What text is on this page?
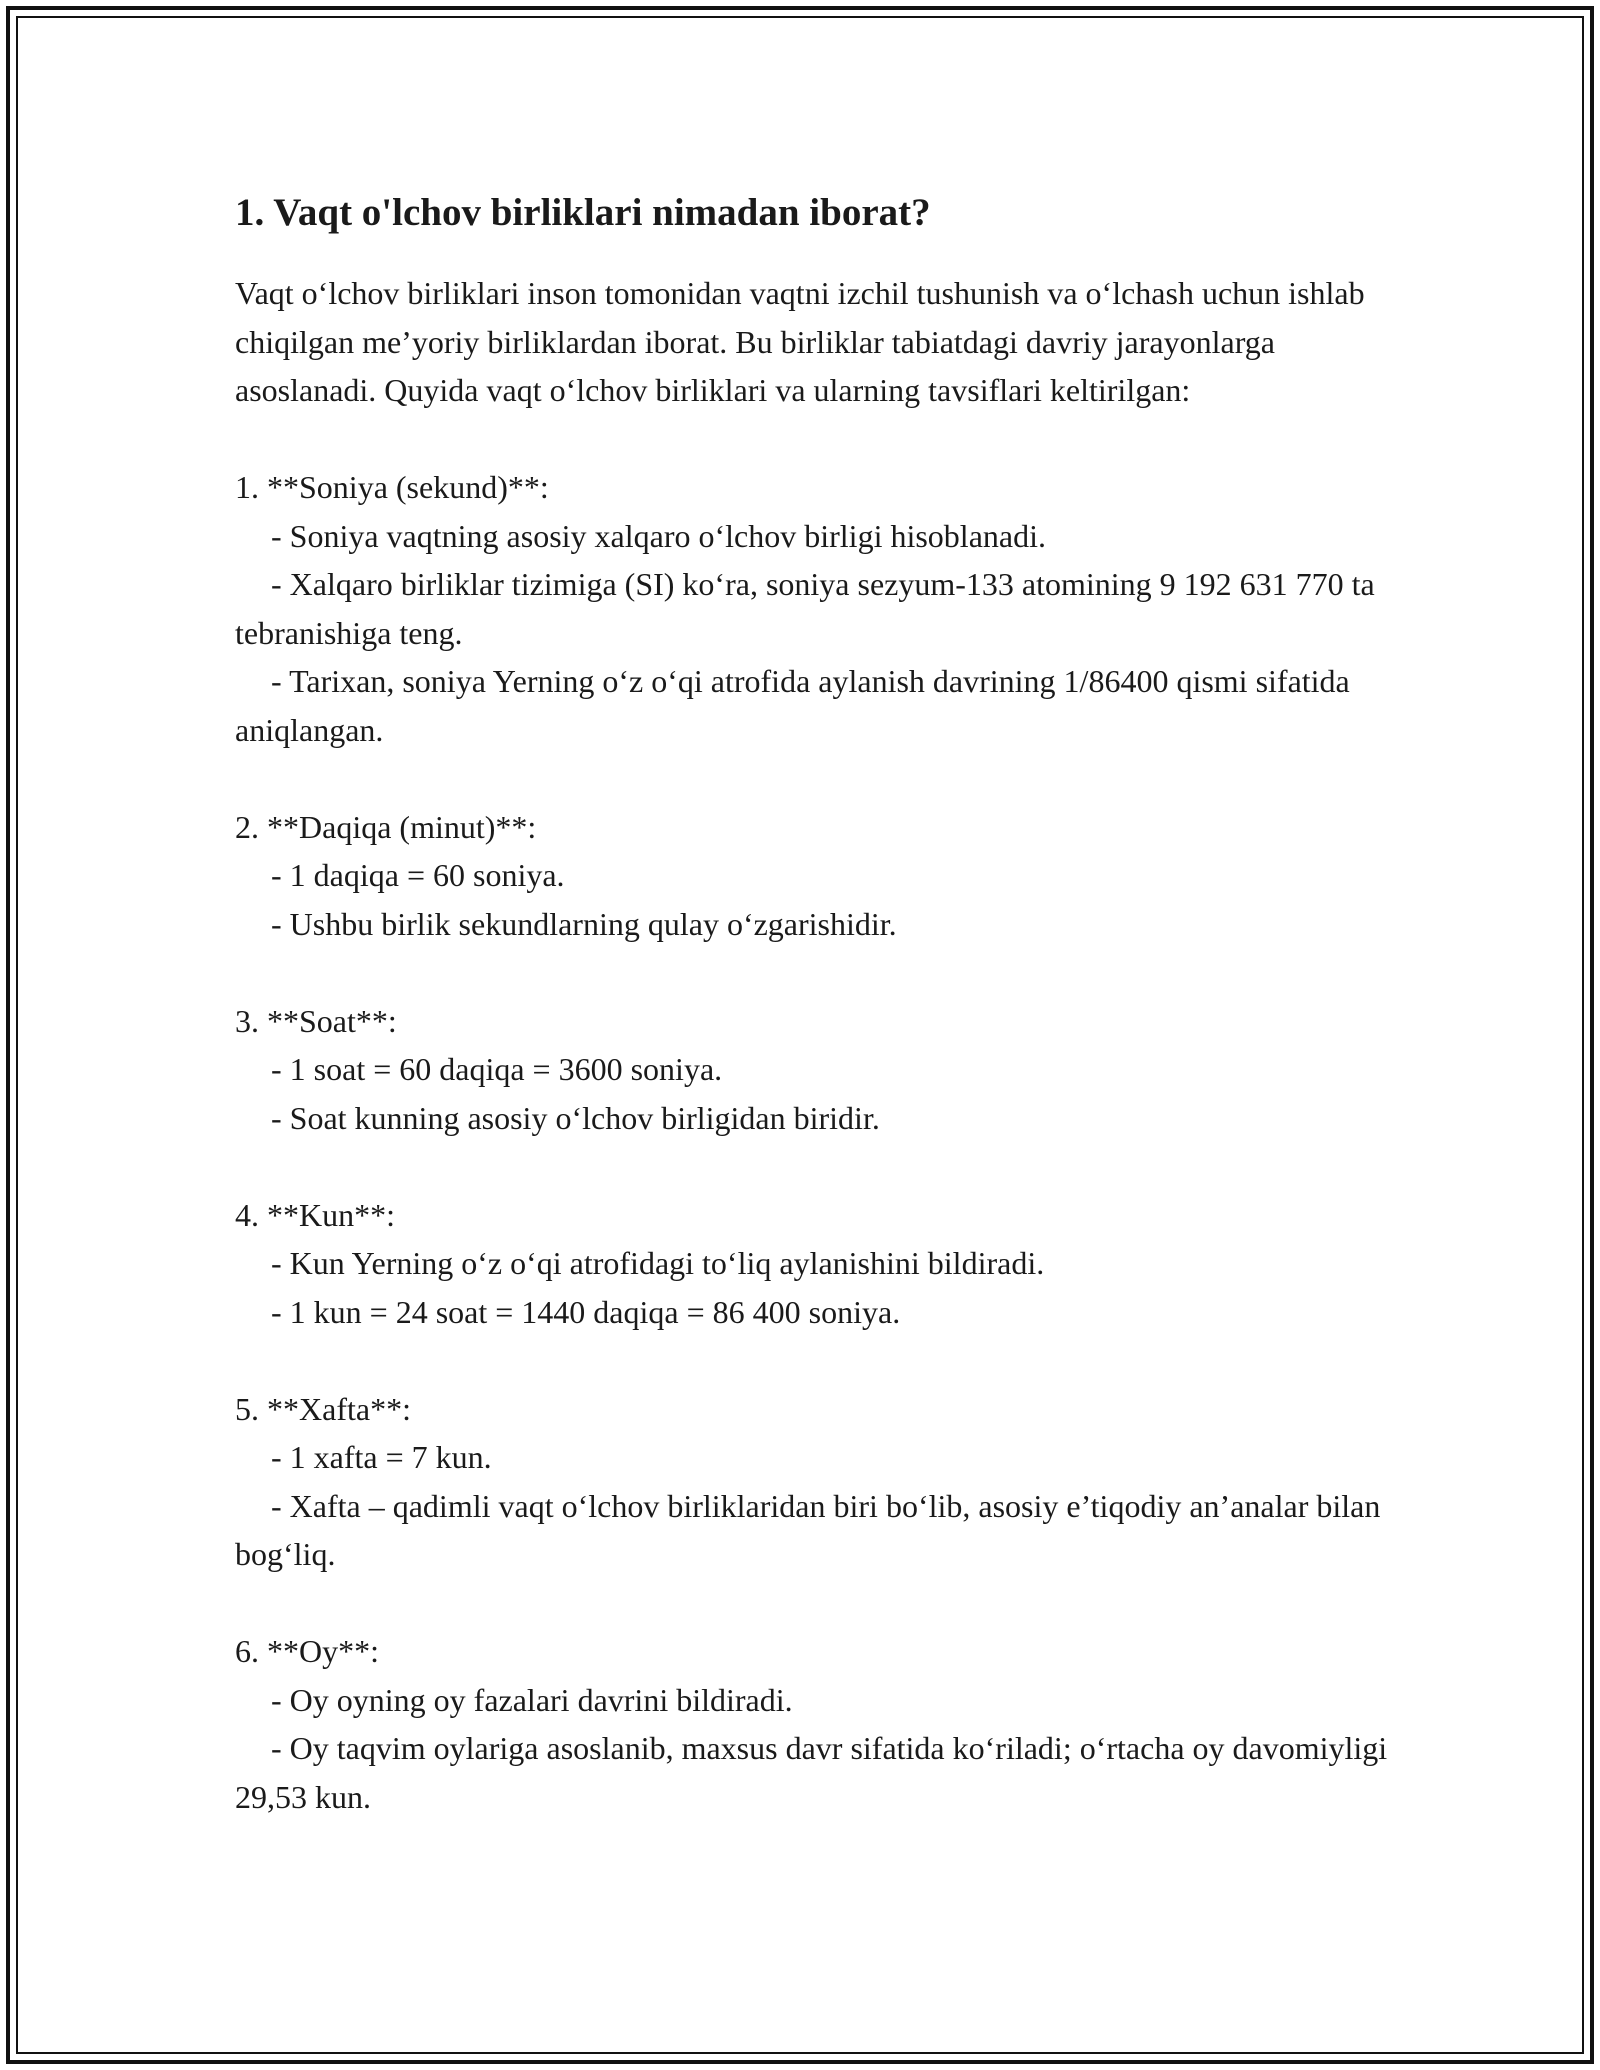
1. Vaqt o'lchov birliklari nimadan iborat?

Vaqt o‘lchov birliklari inson tomonidan vaqtni izchil tushunish va o‘lchash uchun ishlab chiqilgan me’yoriy birliklardan iborat. Bu birliklar tabiatdagi davriy jarayonlarga asoslanadi. Quyida vaqt o‘lchov birliklari va ularning tavsiflari keltirilgan:

1. **Soniya (sekund)**:

- Soniya vaqtning asosiy xalqaro o‘lchov birligi hisoblanadi.

- Xalqaro birliklar tizimiga (SI) ko‘ra, soniya sezyum-133 atomining 9 192 631 770 ta tebranishiga teng.

- Tarixan, soniya Yerning o‘z o‘qi atrofida aylanish davrining 1/86400 qismi sifatida aniqlangan.

2. **Daqiqa (minut)**:

- 1 daqiqa = 60 soniya.

- Ushbu birlik sekundlarning qulay o‘zgarishidir.

3. **Soat**:

- 1 soat = 60 daqiqa = 3600 soniya.

- Soat kunning asosiy o‘lchov birligidan biridir.

4. **Kun**:

- Kun Yerning o‘z o‘qi atrofidagi to‘liq aylanishini bildiradi.

- 1 kun = 24 soat = 1440 daqiqa = 86 400 soniya.

5. **Xafta**:

- 1 xafta = 7 kun.

- Xafta – qadimli vaqt o‘lchov birliklaridan biri bo‘lib, asosiy e’tiqodiy an’analar bilan bog‘liq.

6. **Oy**:

- Oy oyning oy fazalari davrini bildiradi.

- Oy taqvim oylariga asoslanib, maxsus davr sifatida ko‘riladi; o‘rtacha oy davomiyligi 29,53 kun.
